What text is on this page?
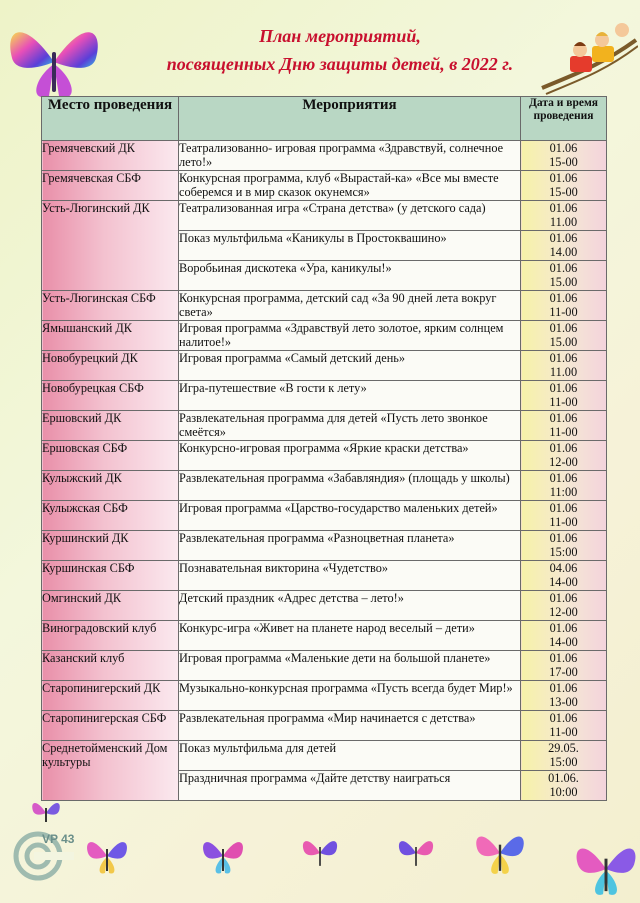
План мероприятий,
посвященных Дню защиты детей, в 2022 г.
Место проведения	Мероприятия	Дата и время проведения
Гремячевский ДК	Театрализованно- игровая программа «Здравствуй, солнечное лето!»	01.06
15-00

Гремячевская СБФ	Конкурсная программа, клуб «Вырастай-ка» «Все мы вместе соберемся и в мир сказок окунемся»	01.06
15-00

Усть-Люгинский ДК	Театрализованная игра «Страна детства» (у детского сада)	01.06
11.00

	Показ мультфильма «Каникулы в Простоквашино»	01.06
14.00

	Воробьиная дискотека «Ура, каникулы!»	01.06
15.00

Усть-Люгинская СБФ	Конкурсная программа, детский сад «За 90 дней лета вокруг света»	01.06
11-00

Ямышанский ДК	Игровая программа «Здравствуй лето золотое, ярким солнцем налитое!»	01.06
15.00

Новобурецкий ДК	Игровая программа «Самый детский день»	01.06
11.00

Новобурецкая СБФ	Игра-путешествие «В гости к лету»	01.06
11-00

Ершовский ДК	Развлекательная программа для детей «Пусть лето звонкое смеётся»	01.06
11-00

Ершовская СБФ	Конкурсно-игровая программа «Яркие краски детства»	01.06
12-00

Кулыжский ДК	Развлекательная программа «Забавляндия» (площадь у школы)	01.06
11:00

Кулыжская СБФ	Игровая программа «Царство-государство маленьких детей»	01.06
11-00

Куршинский ДК	Развлекательная программа «Разноцветная планета»	01.06
15:00

Куршинская СБФ	Познавательная викторина «Чудетство»	04.06
14-00

Омгинский ДК	Детский праздник «Адрес детства – лето!»	01.06
12-00

Виноградовский клуб	Конкурс-игра «Живет на планете народ веселый – дети»	01.06
14-00

Казанский клуб	Игровая программа «Маленькие дети на большой планете»	01.06
17-00

Старопинигерский ДК	Музыкально-конкурсная программа «Пусть всегда будет Мир!»	01.06
13-00

Старопинигерская СБФ	Развлекательная программа «Мир начинается с детства»	01.06
11-00

Среднетойменский Дом культуры	Показ мультфильма для детей	29.05.
15:00

	Праздничная программа «Дайте детству наиграться	01.06.
10:00
VP 43
